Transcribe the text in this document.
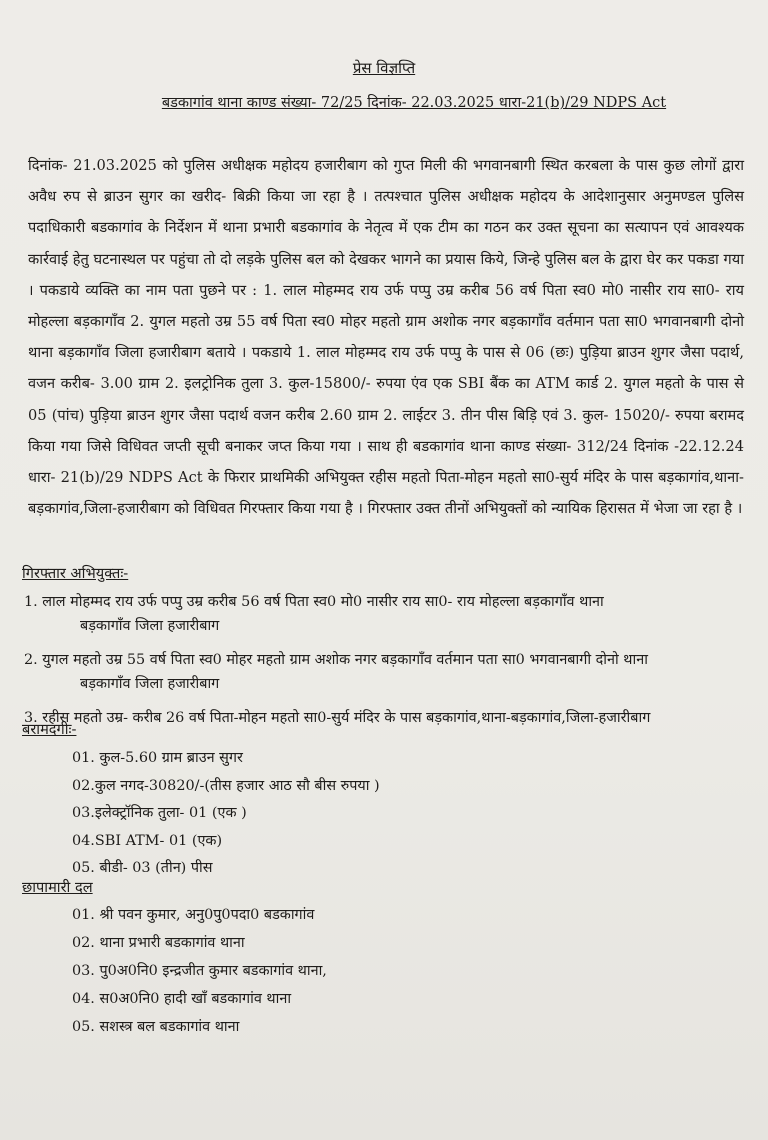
प्रेस विज्ञप्ति
बडकागांव थाना काण्ड संख्या- 72/25 दिनांक- 22.03.2025 धारा-21(b)/29 NDPS Act

दिनांक- 21.03.2025 को पुलिस अधीक्षक महोदय हजारीबाग को गुप्त मिली की भगवानबागी स्थित करबला के पास कुछ लोगों द्वारा अवैध रुप से ब्राउन सुगर का खरीद- बिक्री किया जा रहा है । तत्पश्चात पुलिस अधीक्षक महोदय के आदेशानुसार अनुमण्डल पुलिस पदाधिकारी बडकागांव के निर्देशन में थाना प्रभारी बडकागांव के नेतृत्व में एक टीम का गठन कर उक्त सूचना का सत्यापन एवं आवश्यक कार्रवाई हेतु घटनास्थल पर पहुंचा तो दो लड़के पुलिस बल को देखकर भागने का प्रयास किये, जिन्हे पुलिस बल के द्वारा घेर कर पकडा गया । पकडाये व्यक्ति का नाम पता पुछने पर : 1. लाल मोहम्मद राय उर्फ पप्पु उम्र करीब 56 वर्ष पिता स्व0 मो0 नासीर राय सा0- राय मोहल्ला बड़कागाँव 2. युगल महतो उम्र 55 वर्ष पिता स्व0 मोहर महतो ग्राम अशोक नगर बड़कागाँव वर्तमान पता सा0 भगवानबागी दोनो थाना बड़कागाँव जिला हजारीबाग बताये । पकडाये 1. लाल मोहम्मद राय उर्फ पप्पु के पास से 06 (छः) पुड़िया ब्राउन शुगर जैसा पदार्थ, वजन करीब- 3.00 ग्राम 2. इलट्रोनिक तुला 3. कुल-15800/- रुपया एंव एक SBI बैंक का ATM कार्ड 2. युगल महतो के पास से 05 (पांच) पुड़िया ब्राउन शुगर जैसा पदार्थ वजन करीब 2.60 ग्राम 2. लाईटर 3. तीन पीस बिड़ि एवं 3. कुल- 15020/- रुपया बरामद किया गया जिसे विधिवत जप्ती सूची बनाकर जप्त किया गया । साथ ही बडकागांव थाना काण्ड संख्या- 312/24 दिनांक -22.12.24 धारा- 21(b)/29 NDPS Act के फिरार प्राथमिकी अभियुक्त रहीस महतो पिता-मोहन महतो सा0-सुर्य मंदिर के पास बड़कागांव,थाना-बड़कागांव,जिला-हजारीबाग को विधिवत गिरफ्तार किया गया है । गिरफ्तार उक्त तीनों अभियुक्तों को न्यायिक हिरासत में भेजा जा रहा है ।

गिरफ्तार अभियुक्तः-
1. लाल मोहम्मद राय उर्फ पप्पु उम्र करीब 56 वर्ष पिता स्व0 मो0 नासीर राय सा0- राय मोहल्ला बड़कागाँव थाना
बड़कागाँव जिला हजारीबाग
2. युगल महतो उम्र 55 वर्ष पिता स्व0 मोहर महतो ग्राम अशोक नगर बड़कागाँव वर्तमान पता सा0 भगवानबागी दोनो थाना
बड़कागाँव जिला हजारीबाग
3. रहीस महतो उम्र- करीब 26 वर्ष पिता-मोहन महतो सा0-सुर्य मंदिर के पास बड़कागांव,थाना-बड़कागांव,जिला-हजारीबाग
बरामदगीः-
01. कुल-5.60 ग्राम ब्राउन सुगर
02.कुल नगद-30820/-(तीस हजार आठ सौ बीस रुपया )
03.इलेक्ट्रॉनिक तुला- 01 (एक )
04.SBI ATM- 01 (एक)
05. बीडी- 03 (तीन) पीस
छापामारी दल
01. श्री पवन कुमार, अनु0पु0पदा0 बडकागांव
02. थाना प्रभारी बडकागांव थाना
03. पु0अ0नि0 इन्द्रजीत कुमार बडकागांव थाना,
04. स0अ0नि0 हादी खाँ बडकागांव थाना
05. सशस्त्र बल बडकागांव थाना
